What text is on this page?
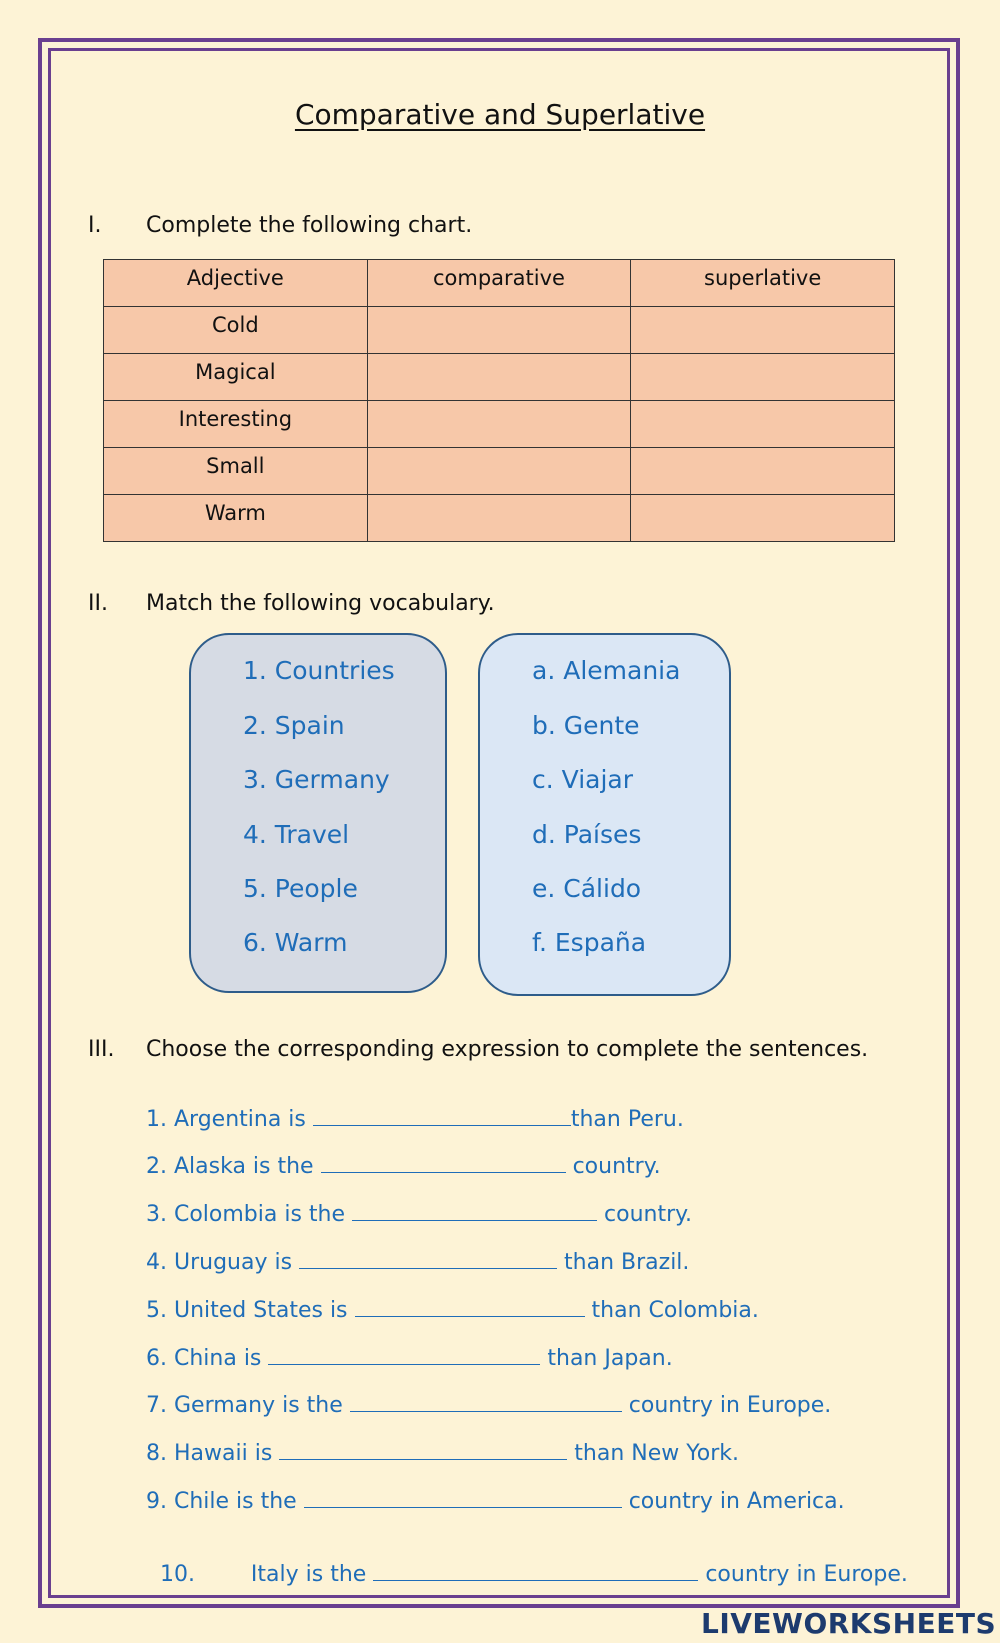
Comparative and Superlative
I. Complete the following chart.
Adjective	comparative	superlative
Cold		
Magical		
Interesting		
Small		
Warm		
II. Match the following vocabulary.
1. Countries
2. Spain
3. Germany
4. Travel
5. People
6. Warm
a. Alemania
b. Gente
c. Viajar
d. Países
e. Cálido
f. España
III. Choose the corresponding expression to complete the sentences.
1. Argentina is	than Peru.
2. Alaska is the	country.
3. Colombia is the	country.
4. Uruguay is	than Brazil.
5. United States is	than Colombia.
6. China is	than Japan.
7. Germany is the	country in Europe.
8. Hawaii is	than New York.
9. Chile is the	country in America.

10.        Italy is the	country in Europe.

LIVEWORKSHEETS
